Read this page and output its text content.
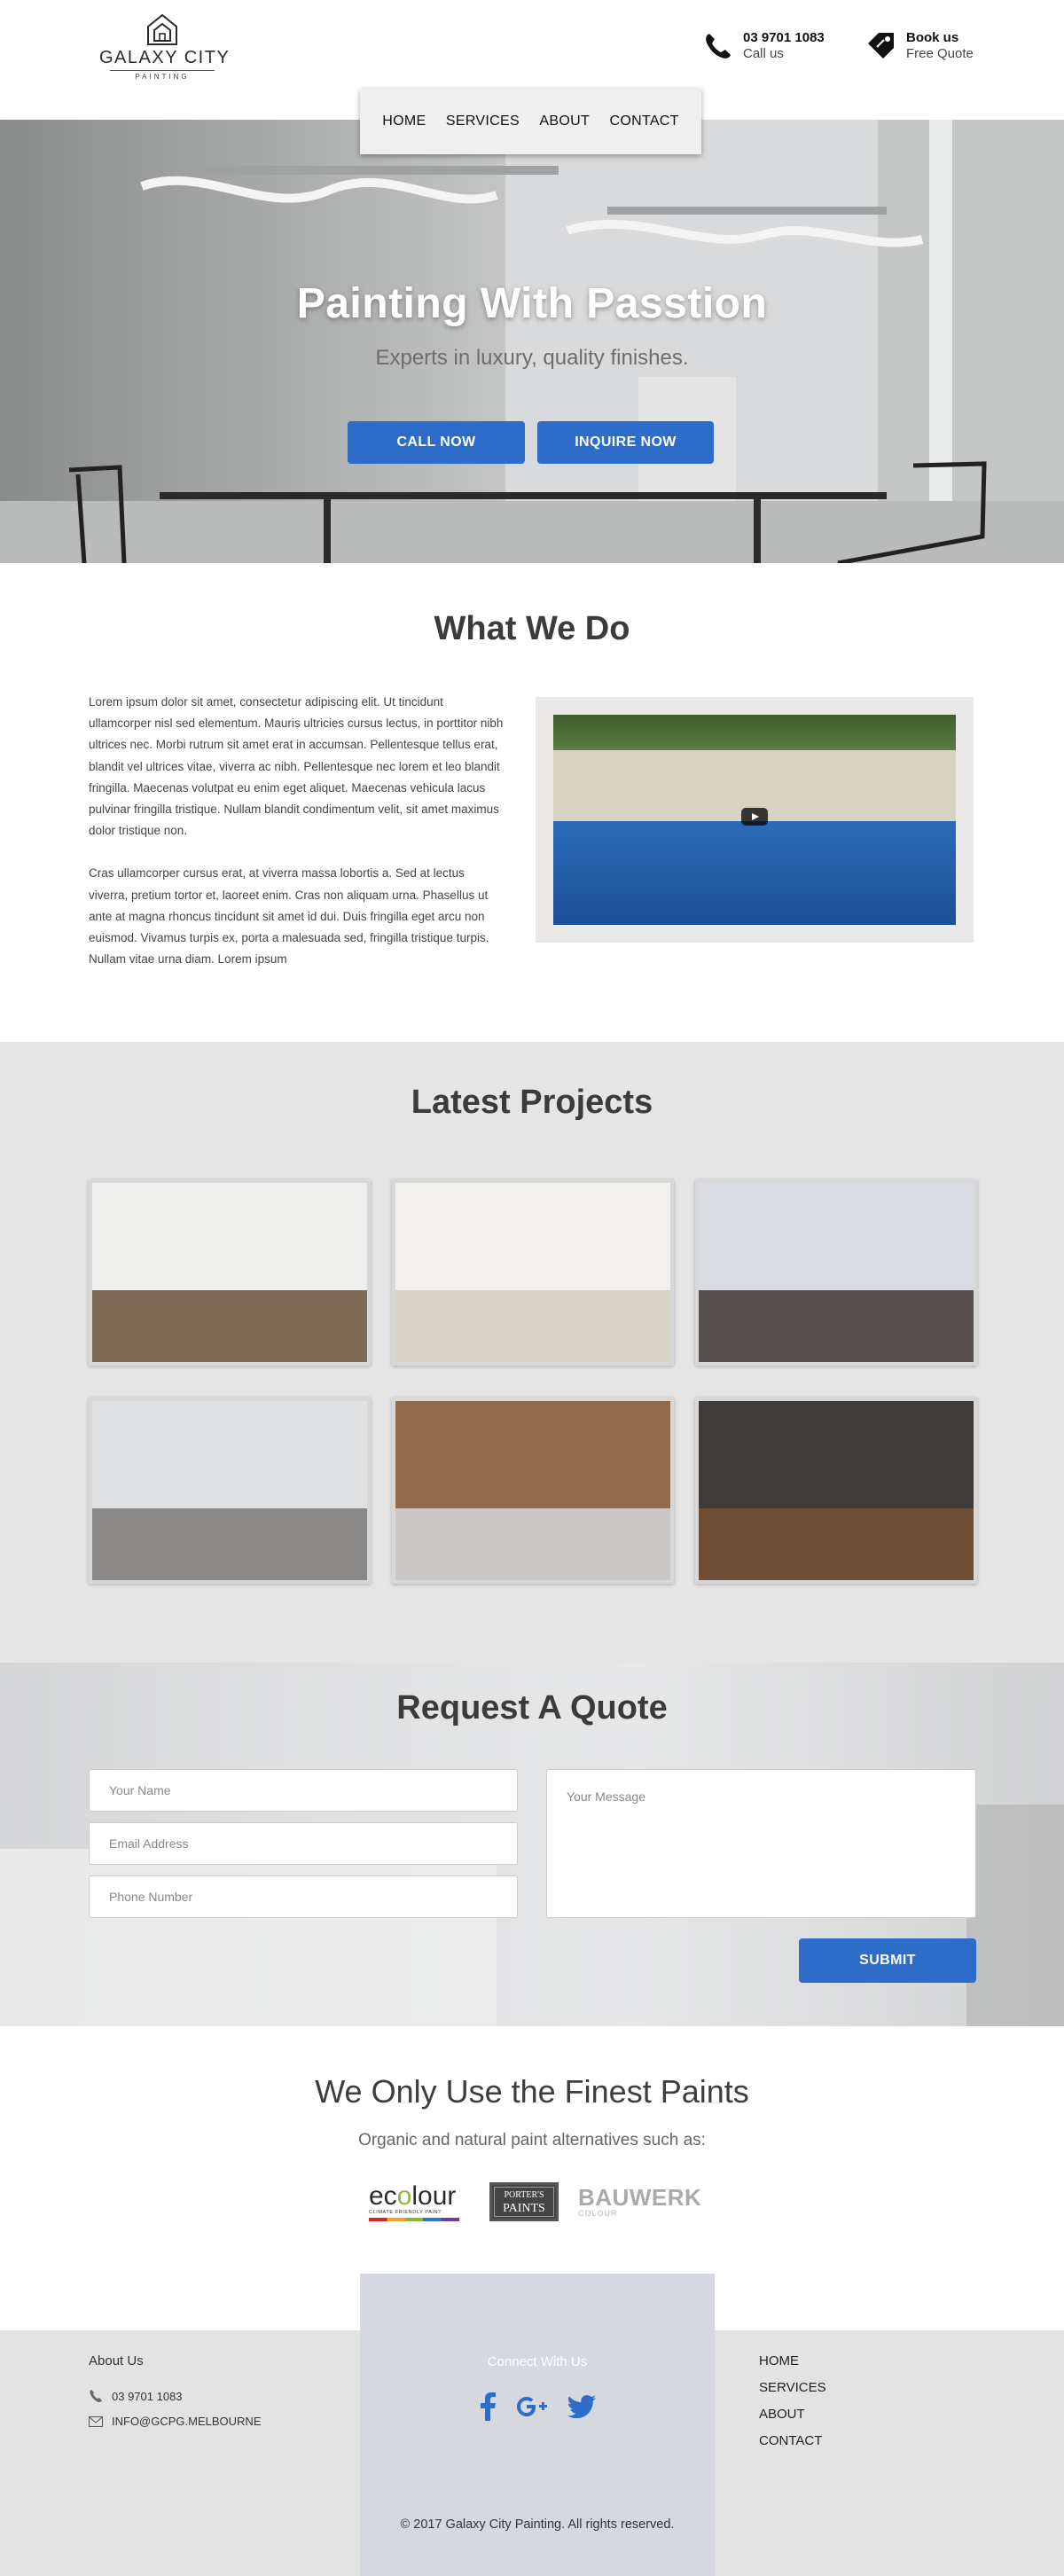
GALAXY CITY
PAINTING
03 9701 1083
Call us
Book us
Free Quote
HOME SERVICES ABOUT CONTACT
Painting With Passtion
Experts in luxury, quality finishes.
CALL NOW	INQUIRE NOW
What We Do

Lorem ipsum dolor sit amet, consectetur adipiscing elit. Ut tincidunt ullamcorper nisl sed elementum. Mauris ultricies cursus lectus, in porttitor nibh ultrices nec. Morbi rutrum sit amet erat in accumsan. Pellentesque tellus erat, blandit vel ultrices vitae, viverra ac nibh. Pellentesque nec lorem et leo blandit fringilla. Maecenas volutpat eu enim eget aliquet. Maecenas vehicula lacus pulvinar fringilla tristique. Nullam blandit condimentum velit, sit amet maximus dolor tristique non.

Cras ullamcorper cursus erat, at viverra massa lobortis a. Sed at lectus viverra, pretium tortor et, laoreet enim. Cras non aliquam urna. Phasellus ut ante at magna rhoncus tincidunt sit amet id dui. Duis fringilla eget arcu non euismod. Vivamus turpis ex, porta a malesuada sed, fringilla tristique turpis. Nullam vitae urna diam. Lorem ipsum

Latest Projects
Request A Quote
Your Name
Email Address
Phone Number
Your Message
SUBMIT
We Only Use the Finest Paints
Organic and natural paint alternatives such as:
ecolour
CLIMATE FRIENDLY PAINT
PORTER'S
PAINTS	BAUWERK
COLOUR
About Us
03 9701 1083
INFO@GCPG.MELBOURNE
Connect With Us
© 2017 Galaxy City Painting. All rights reserved.
HOME
SERVICES
ABOUT
CONTACT
